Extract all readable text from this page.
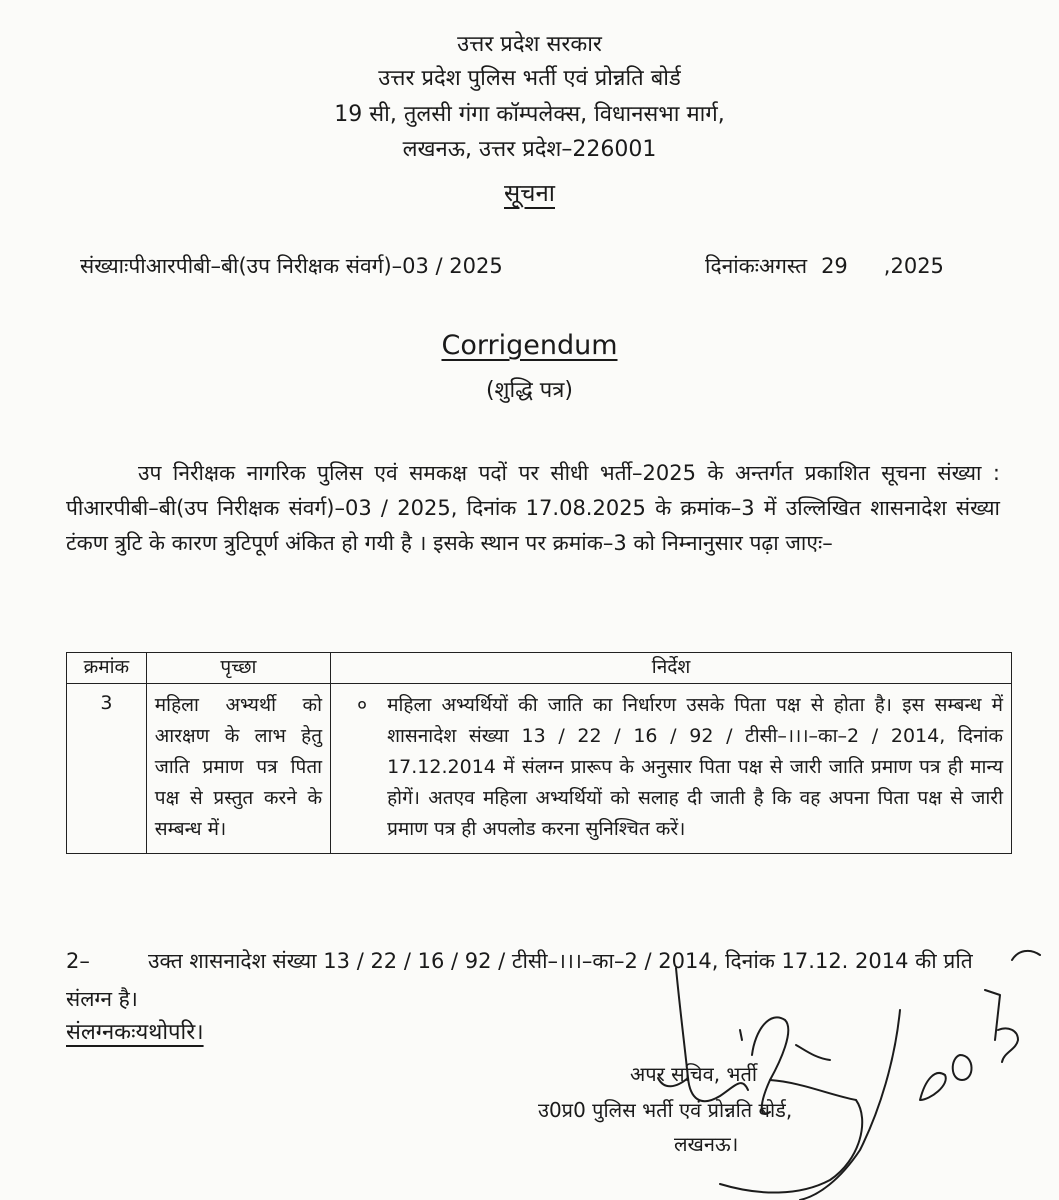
उत्तर प्रदेश सरकार
उत्तर प्रदेश पुलिस भर्ती एवं प्रोन्नति बोर्ड
19 सी, तुलसी गंगा कॉम्पलेक्स, विधानसभा मार्ग,
लखनऊ, उत्तर प्रदेश–226001
सूचना
संख्याःपीआरपीबी–बी(उप निरीक्षक संवर्ग)–03 / 2025	दिनांकःअगस्त 29 ,2025
Corrigendum
(शुद्धि पत्र)

उप निरीक्षक नागरिक पुलिस एवं समकक्ष पदों पर सीधी भर्ती–2025 के अन्तर्गत प्रकाशित सूचना संख्या : पीआरपीबी–बी(उप निरीक्षक संवर्ग)–03 / 2025, दिनांक 17.08.2025 के क्रमांक–3 में उल्लिखित शासनादेश संख्या टंकण त्रुटि के कारण त्रुटिपूर्ण अंकित हो गयी है । इसके स्थान पर क्रमांक–3 को निम्नानुसार पढ़ा जाएः–

क्रमांक	पृच्छा	निर्देश
3	महिला अभ्यर्थी को आरक्षण के लाभ हेतु जाति प्रमाण पत्र पिता पक्ष से प्रस्तुत करने के सम्बन्ध में।	० महिला अभ्यर्थियों की जाति का निर्धारण उसके पिता पक्ष से होता है। इस सम्बन्ध में शासनादेश संख्या 13 / 22 / 16 / 92 / टीसी–।।।–का–2 / 2014, दिनांक 17.12.2014 में संलग्न प्रारूप के अनुसार पिता पक्ष से जारी जाति प्रमाण पत्र ही मान्य होगें। अतएव महिला अभ्यर्थियों को सलाह दी जाती है कि वह अपना पिता पक्ष से जारी प्रमाण पत्र ही अपलोड करना सुनिश्चित करें।

2–	उक्त शासनादेश संख्या 13 / 22 / 16 / 92 / टीसी–।।।–का–2 / 2014, दिनांक 17.12. 2014 की प्रति संलग्न है।

संलग्नकःयथोपरि।
अपर सचिव, भर्ती
उ0प्र0 पुलिस भर्ती एवं प्रोन्नति बोर्ड,
लखनऊ।
